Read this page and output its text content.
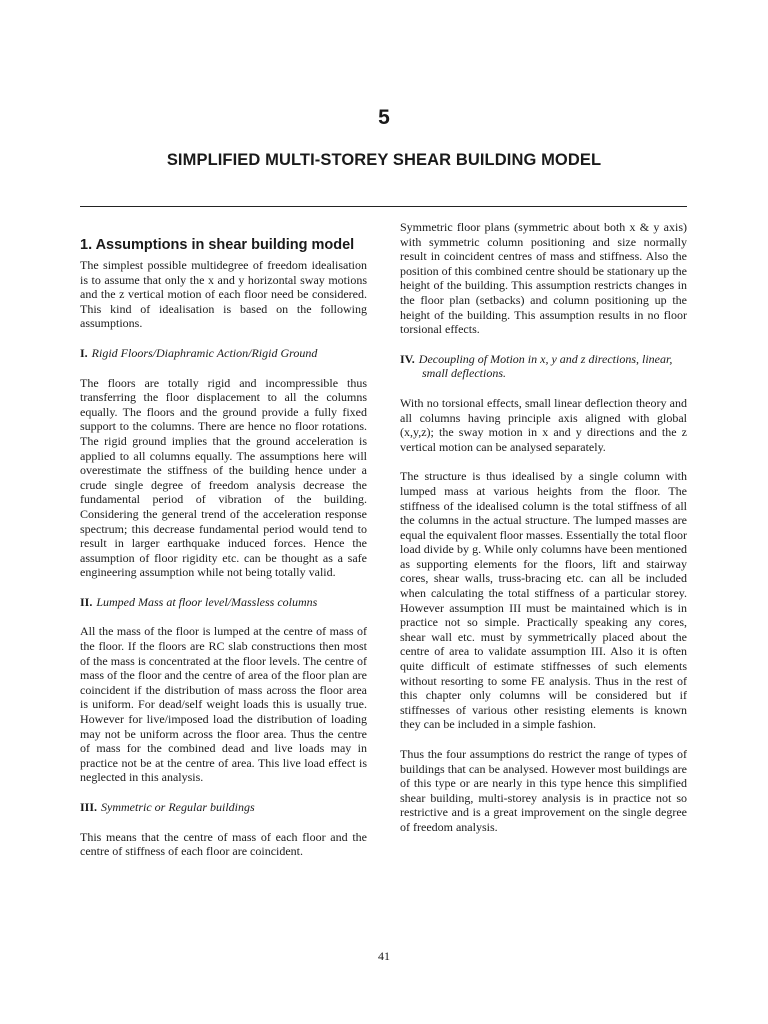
5
SIMPLIFIED MULTI-STOREY SHEAR BUILDING MODEL
1. Assumptions in shear building model

The simplest possible multidegree of freedom idealisation is to assume that only the x and y horizontal sway motions and the z vertical motion of each floor need be considered. This kind of idealisation is based on the following assumptions.

I. Rigid Floors/Diaphramic Action/Rigid Ground

The floors are totally rigid and incompressible thus transferring the floor displacement to all the columns equally. The floors and the ground provide a fully fixed support to the columns. There are hence no floor rotations. The rigid ground implies that the ground acceleration is applied to all columns equally. The assumptions here will overestimate the stiffness of the building hence under a crude single degree of freedom analysis decrease the fundamental period of vibration of the building. Considering the general trend of the acceleration response spectrum; this decrease fundamental period would tend to result in larger earthquake induced forces. Hence the assumption of floor rigidity etc. can be thought as a safe engineering assumption while not being totally valid.

II. Lumped Mass at floor level/Massless columns

All the mass of the floor is lumped at the centre of mass of the floor. If the floors are RC slab constructions then most of the mass is concentrated at the floor levels. The centre of mass of the floor and the centre of area of the floor plan are coincident if the distribution of mass across the floor area is uniform. For dead/self weight loads this is usually true. However for live/imposed load the distribution of loading may not be uniform across the floor area. Thus the centre of mass for the combined dead and live loads may in practice not be at the centre of area. This live load effect is neglected in this analysis.

III. Symmetric or Regular buildings

This means that the centre of mass of each floor and the centre of stiffness of each floor are coincident.

Symmetric floor plans (symmetric about both x & y axis) with symmetric column positioning and size normally result in coincident centres of mass and stiffness. Also the position of this combined centre should be stationary up the height of the building. This assumption restricts changes in the floor plan (setbacks) and column positioning up the height of the building. This assumption results in no floor torsional effects.

IV. Decoupling of Motion in x, y and z directions, linear, small deflections.

With no torsional effects, small linear deflection theory and all columns having principle axis aligned with global (x,y,z); the sway motion in x and y directions and the z vertical motion can be analysed separately.

The structure is thus idealised by a single column with lumped mass at various heights from the floor. The stiffness of the idealised column is the total stiffness of all the columns in the actual structure. The lumped masses are equal the equivalent floor masses. Essentially the total floor load divide by g. While only columns have been mentioned as supporting elements for the floors, lift and stairway cores, shear walls, truss-bracing etc. can all be included when calculating the total stiffness of a particular storey. However assumption III must be maintained which is in practice not so simple. Practically speaking any cores, shear wall etc. must by symmetrically placed about the centre of area to validate assumption III. Also it is often quite difficult of estimate stiffnesses of such elements without resorting to some FE analysis. Thus in the rest of this chapter only columns will be considered but if stiffnesses of various other resisting elements is known they can be included in a simple fashion.

Thus the four assumptions do restrict the range of types of buildings that can be analysed. However most buildings are of this type or are nearly in this type hence this simplified shear building, multi-storey analysis is in practice not so restrictive and is a great improvement on the single degree of freedom analysis.

41
